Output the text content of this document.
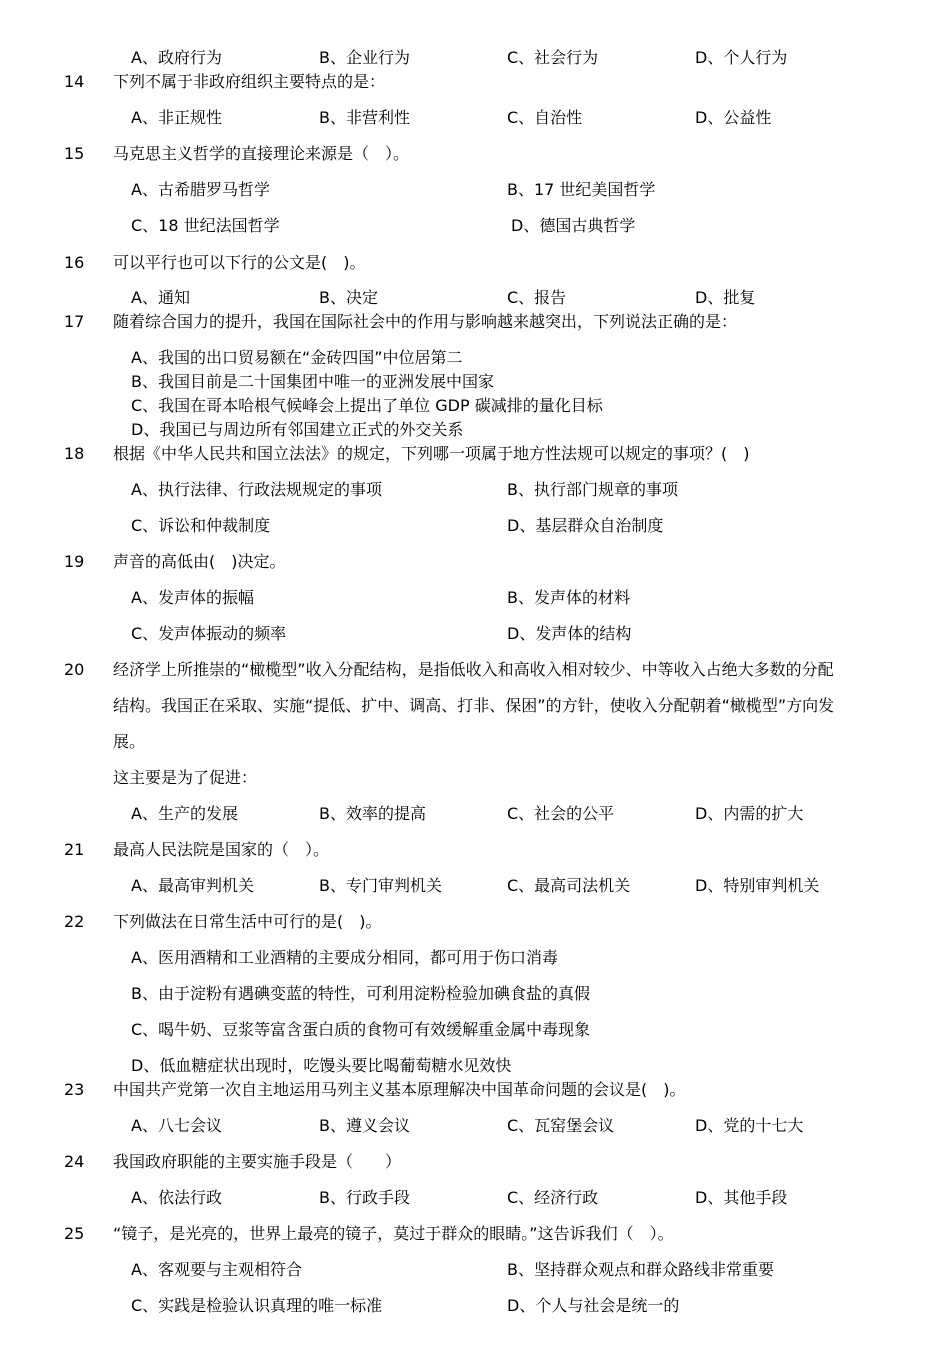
A、政府行为	B、企业行为	C、社会行为	D、个人行为
14 下列不属于非政府组织主要特点的是：
A、非正规性	B、非营利性	C、自治性	D、公益性
15 马克思主义哲学的直接理论来源是（　）。
A、古希腊罗马哲学	B、17 世纪美国哲学
C、18 世纪法国哲学	D、德国古典哲学
16 可以平行也可以下行的公文是(　)。
A、通知	B、决定	C、报告	D、批复
17 随着综合国力的提升，我国在国际社会中的作用与影响越来越突出，下列说法正确的是：
A、我国的出口贸易额在“金砖四国”中位居第二
B、我国目前是二十国集团中唯一的亚洲发展中国家
C、我国在哥本哈根气候峰会上提出了单位 GDP 碳减排的量化目标
D、我国已与周边所有邻国建立正式的外交关系
18 根据《中华人民共和国立法法》的规定，下列哪一项属于地方性法规可以规定的事项？(　)
A、执行法律、行政法规规定的事项	B、执行部门规章的事项
C、诉讼和仲裁制度	D、基层群众自治制度
19 声音的高低由(　)决定。
A、发声体的振幅	B、发声体的材料
C、发声体振动的频率	D、发声体的结构
20 经济学上所推崇的“橄榄型”收入分配结构，是指低收入和高收入相对较少、中等收入占绝大多数的分配
结构。我国正在采取、实施“提低、扩中、调高、打非、保困”的方针，使收入分配朝着“橄榄型”方向发
展。
这主要是为了促进：
A、生产的发展	B、效率的提高	C、社会的公平	D、内需的扩大
21 最高人民法院是国家的（　）。
A、最高审判机关	B、专门审判机关	C、最高司法机关	D、特别审判机关
22 下列做法在日常生活中可行的是(　)。
A、医用酒精和工业酒精的主要成分相同，都可用于伤口消毒
B、由于淀粉有遇碘变蓝的特性，可利用淀粉检验加碘食盐的真假
C、喝牛奶、豆浆等富含蛋白质的食物可有效缓解重金属中毒现象
D、低血糖症状出现时，吃馒头要比喝葡萄糖水见效快
23 中国共产党第一次自主地运用马列主义基本原理解决中国革命问题的会议是(　)。
A、八七会议	B、遵义会议	C、瓦窑堡会议	D、党的十七大
24 我国政府职能的主要实施手段是（　　）
A、依法行政	B、行政手段	C、经济行政	D、其他手段
25 “镜子，是光亮的，世界上最亮的镜子，莫过于群众的眼睛。”这告诉我们（　）。
A、客观要与主观相符合	B、坚持群众观点和群众路线非常重要
C、实践是检验认识真理的唯一标准	D、个人与社会是统一的
